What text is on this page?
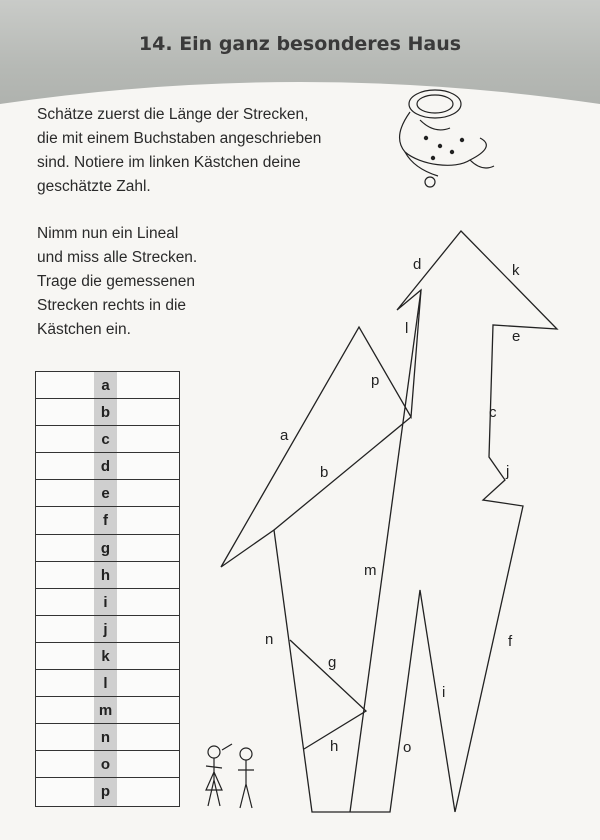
14. Ein ganz besonderes Haus
Schätze zuerst die Länge der Strecken,
die mit einem Buchstaben angeschrieben
sind. Notiere im linken Kästchen deine
geschätzte Zahl.
Nimm nun ein Lineal
und miss alle Strecken.
Trage die gemessenen
Strecken rechts in die
Kästchen ein.
a
b
c
d
e
f
g
h
i
j
k
l
m
n
o
p
a
b
c
d
e
f
g
h
i
j
k
l
m
n
o
p
